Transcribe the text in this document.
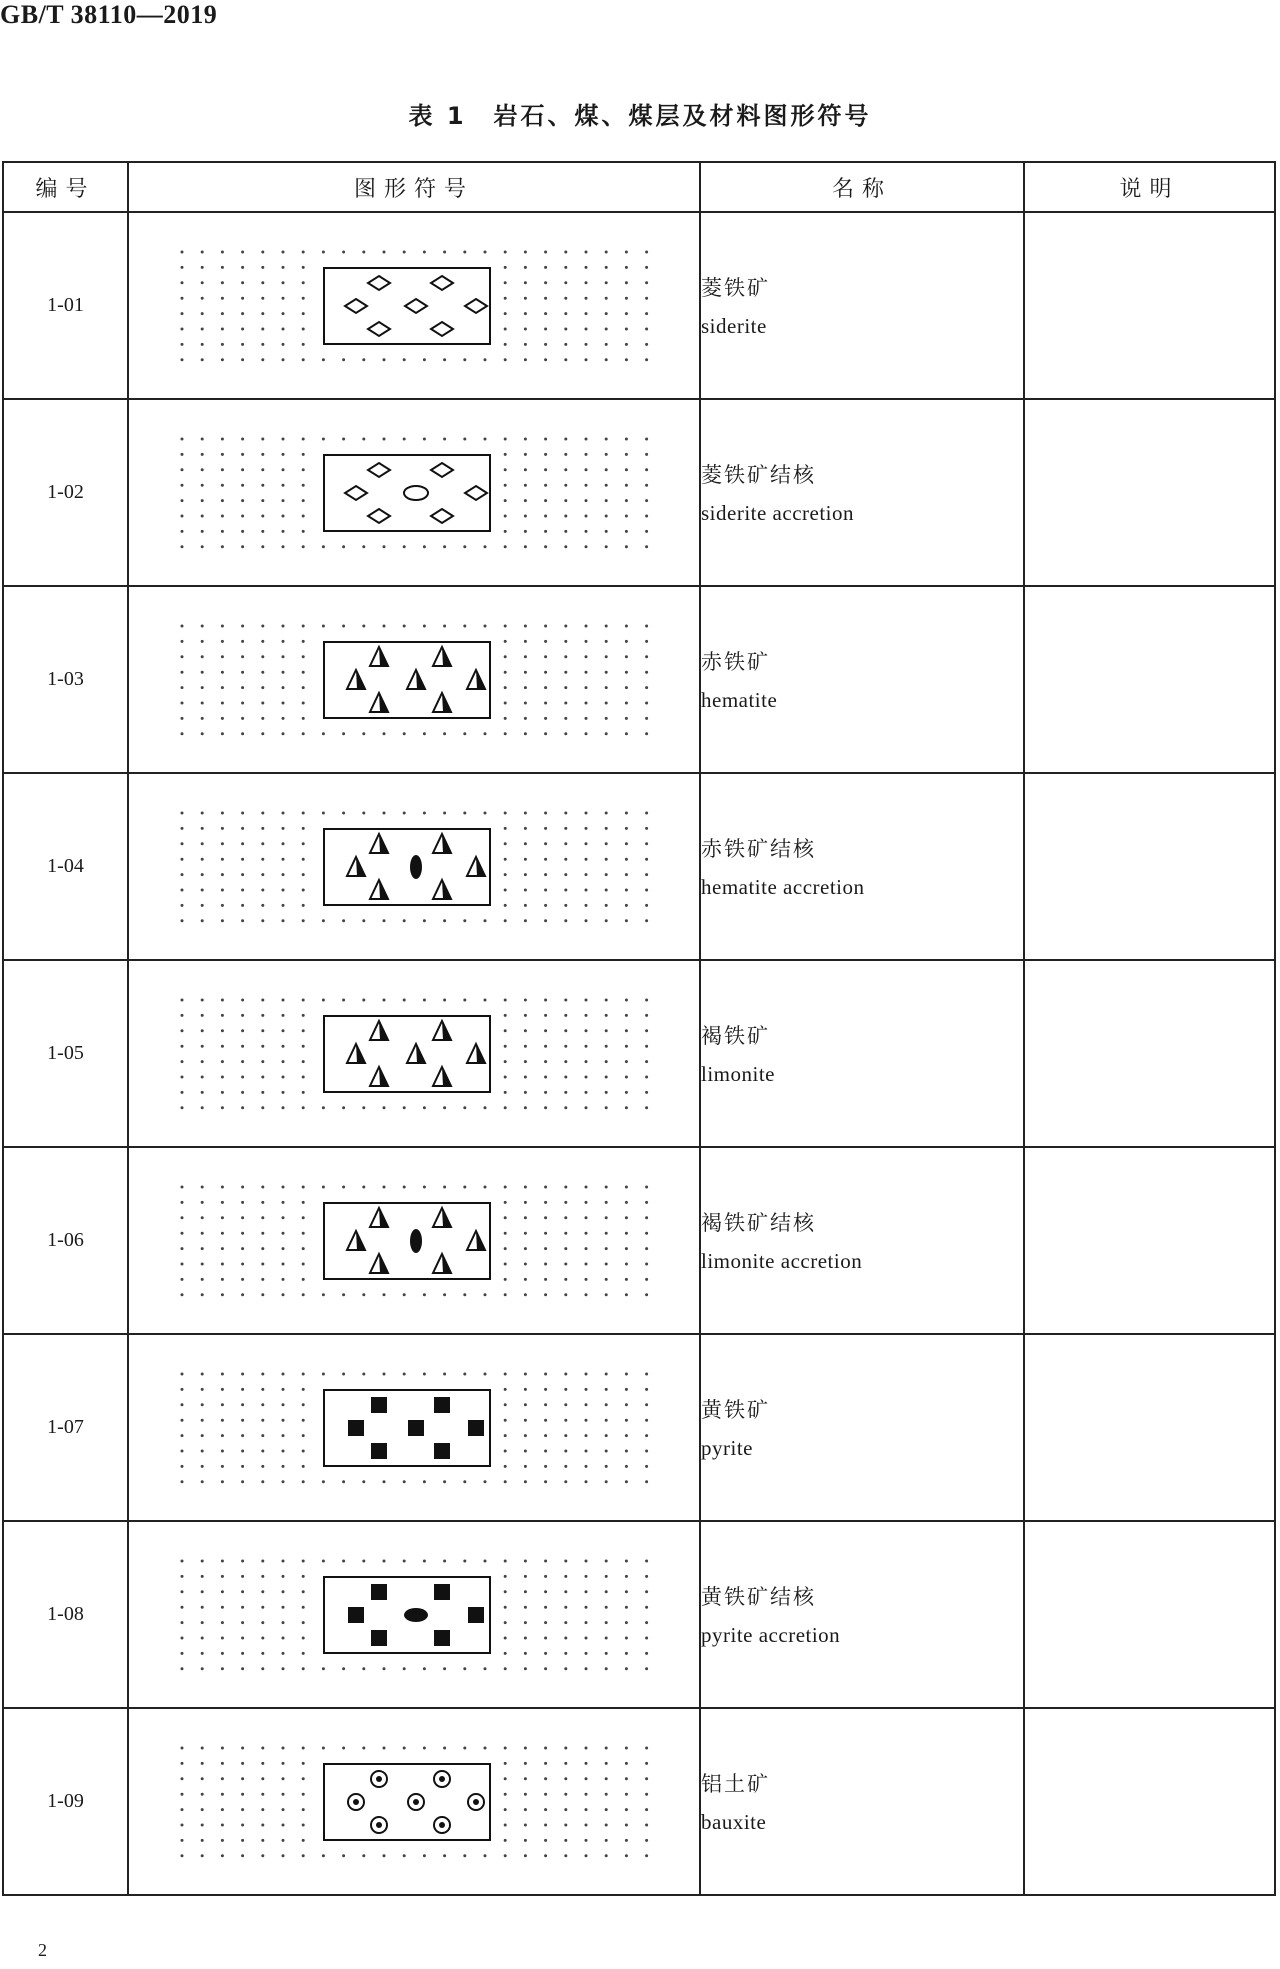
GB/T 38110—2019
表 1　岩石、煤、煤层及材料图形符号
编号	图形符号	名称	说明
1-01		菱铁矿
siderite	

1-02		菱铁矿结核
siderite accretion	

1-03		赤铁矿
hematite	

1-04		赤铁矿结核
hematite accretion	

1-05		褐铁矿
limonite	

1-06		褐铁矿结核
limonite accretion	

1-07		黄铁矿
pyrite	

1-08		黄铁矿结核
pyrite accretion	

1-09		铝土矿
bauxite	

2
